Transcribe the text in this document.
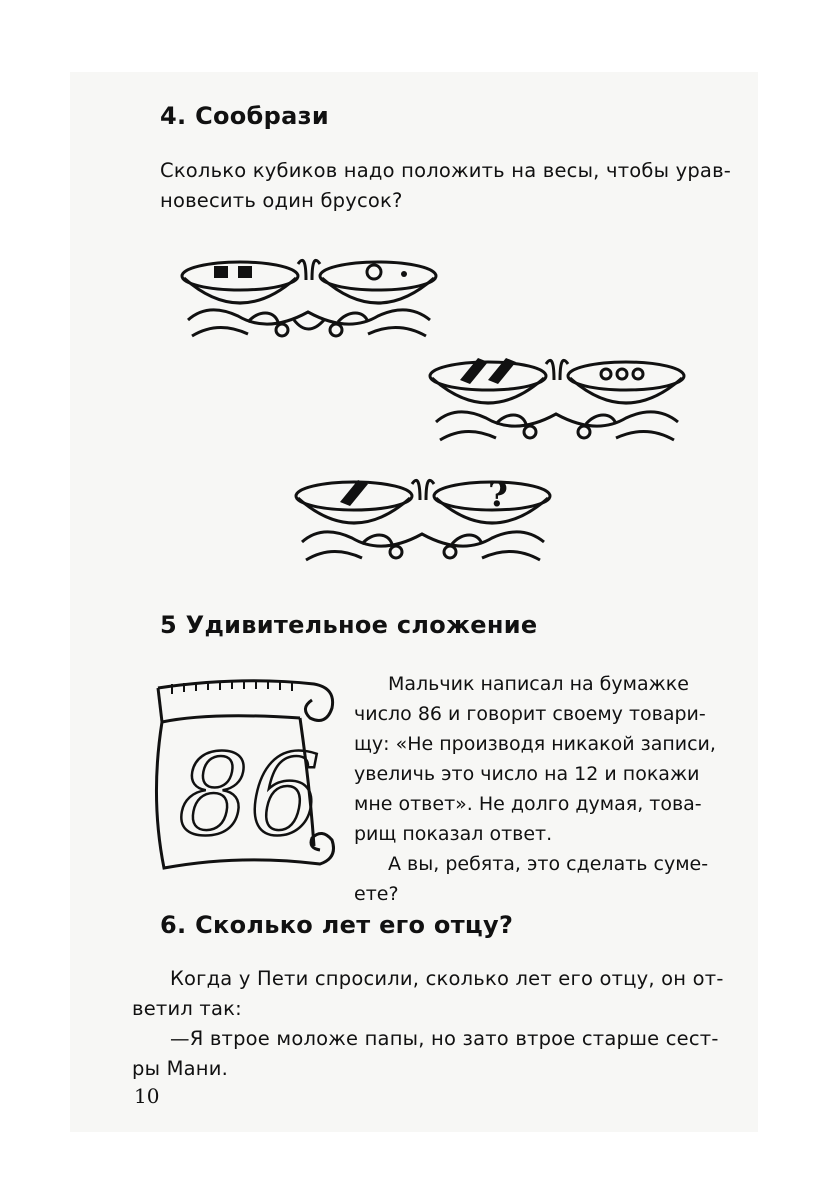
4. Сообрази

Сколько кубиков надо положить на весы, чтобы урав-

новесить один брусок?

?
5 Удивительное сложение
86
Мальчик написал на бумажке
число 86 и говорит своему товари-
щу: «Не производя никакой записи,
увеличь это число на 12 и покажи
мне ответ». Не долго думая, това-
рищ показал ответ.
А вы, ребята, это сделать суме-
ете?
6. Сколько лет его отцу?

Когда у Пети спросили, сколько лет его отцу, он от-

ветил так:

—Я втрое моложе папы, но зато втрое старше сест-

ры Мани.

10
